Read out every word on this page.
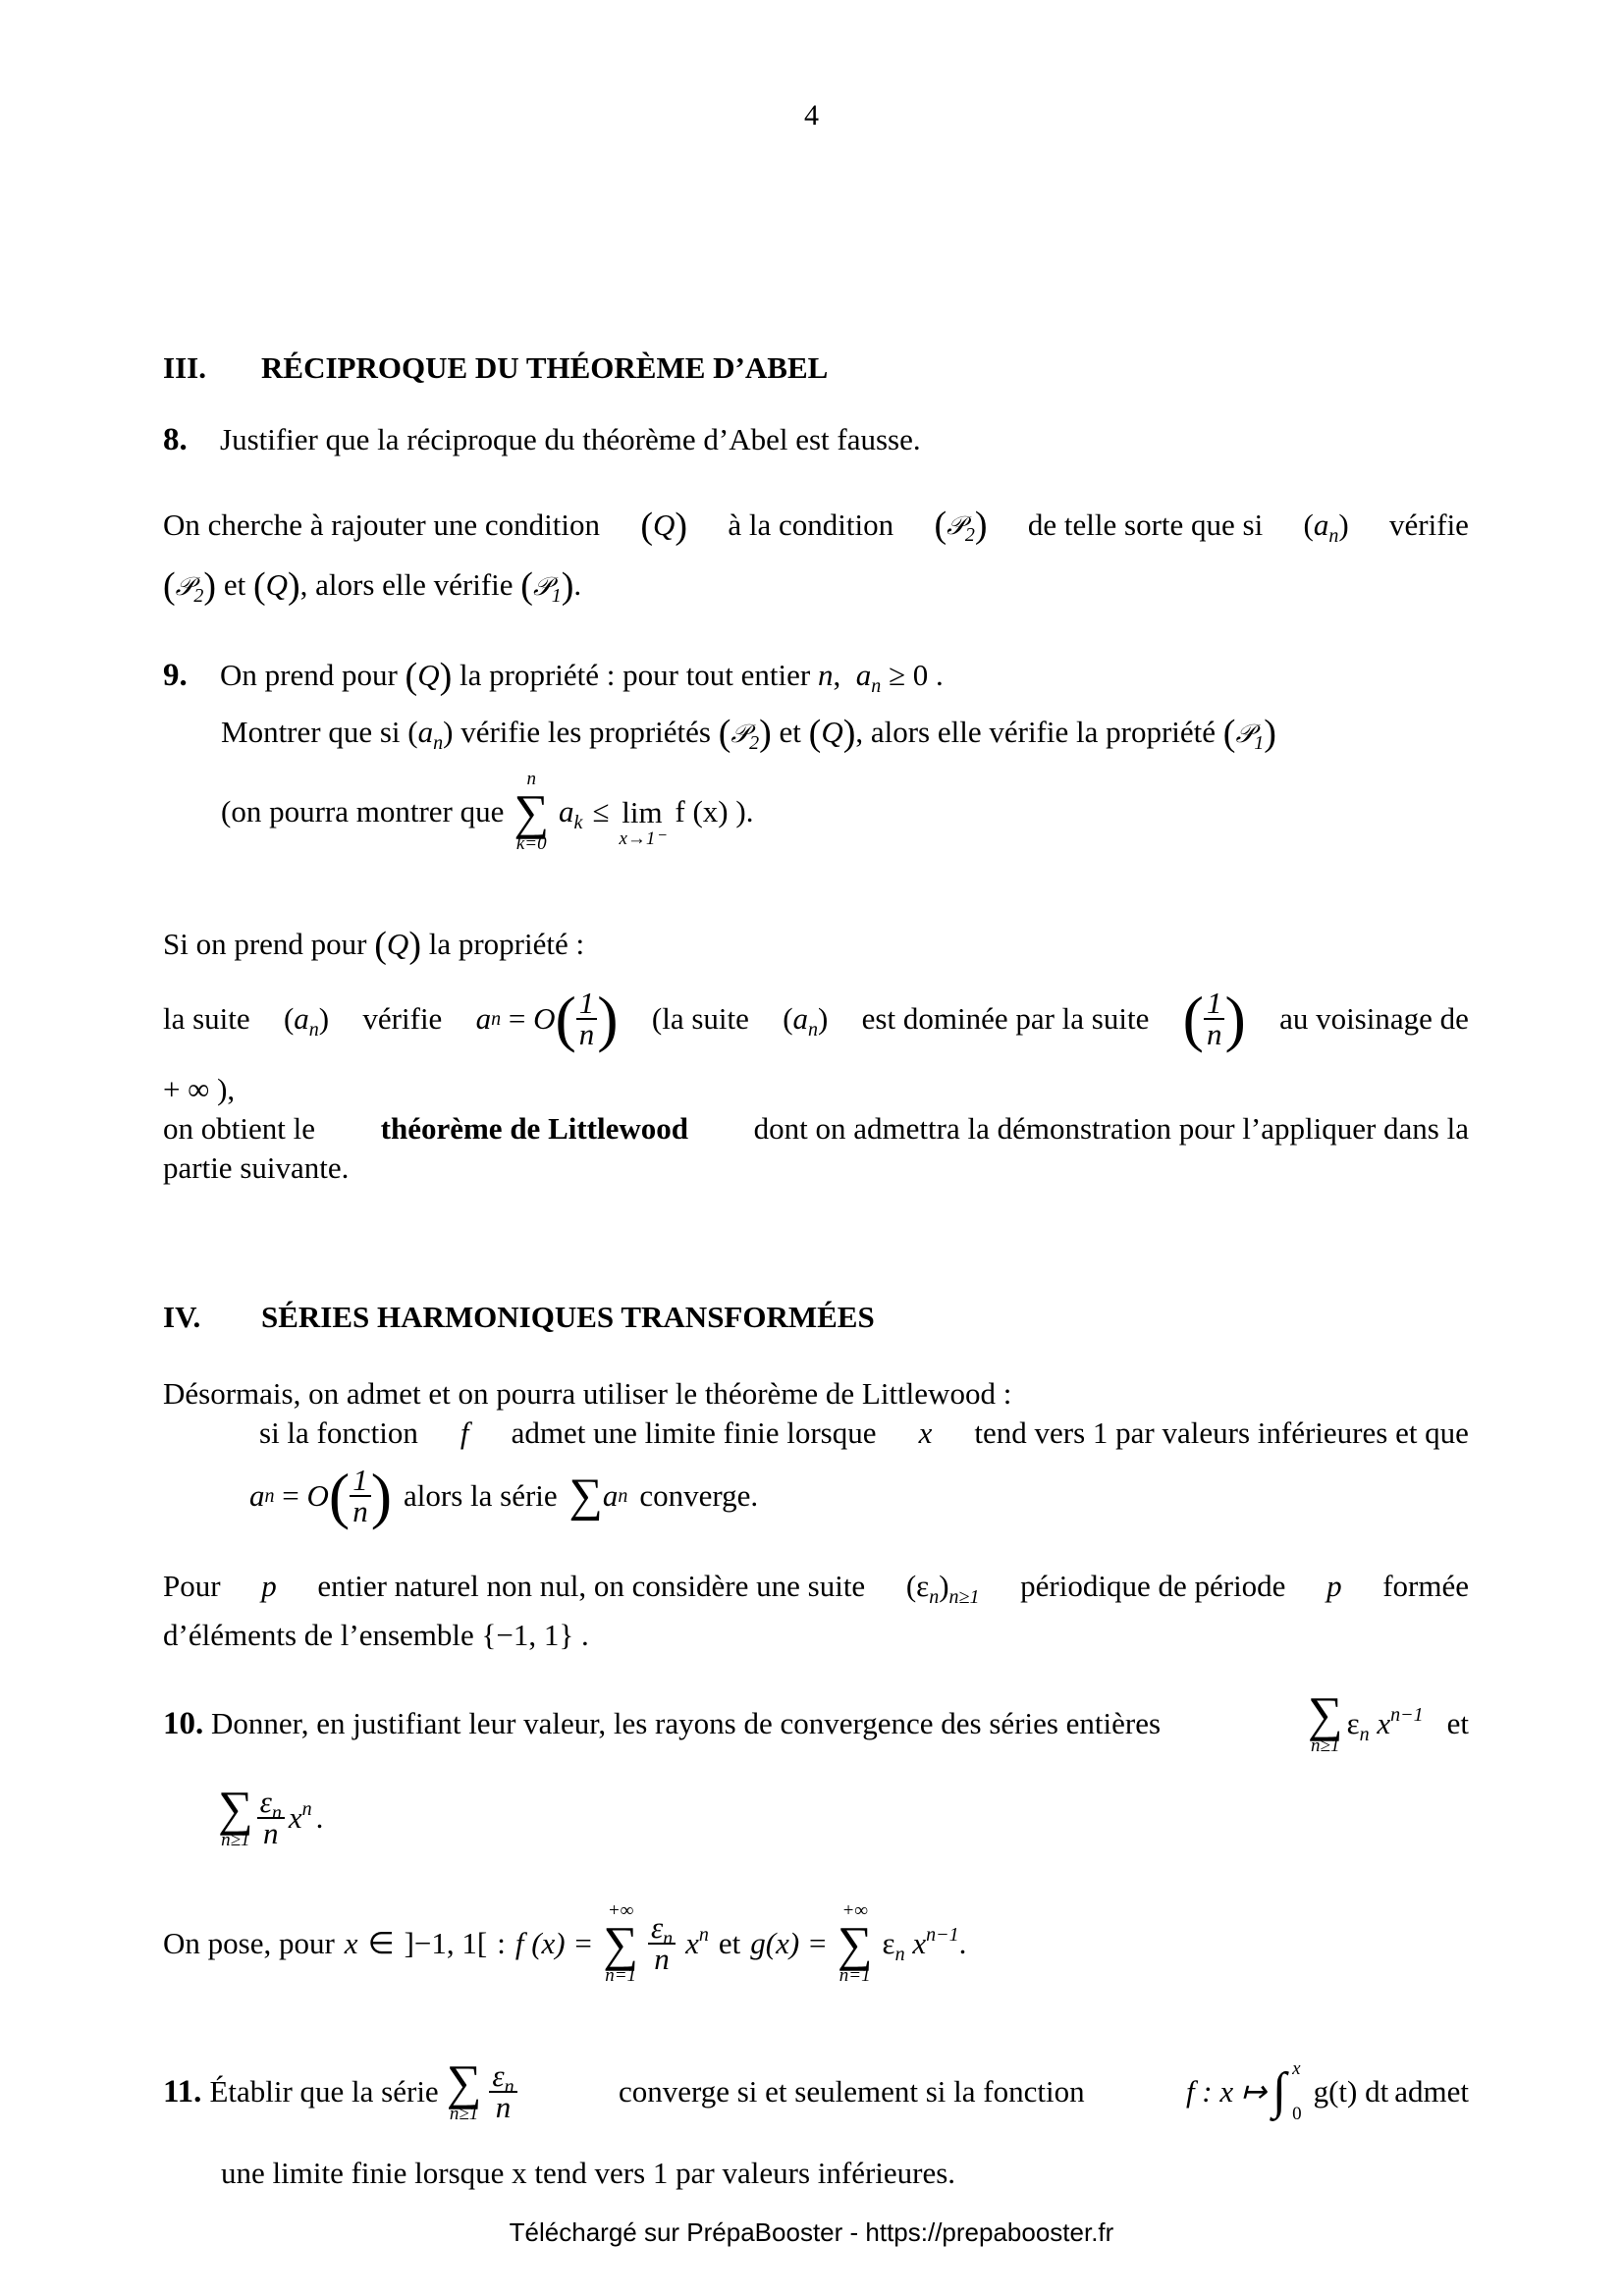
4
III. RÉCIPROQUE DU THÉORÈME D’ABEL
8. Justifier que la réciproque du théorème d’Abel est fausse.
On cherche à rajouter une condition (Q) à la condition (𝒫$_2$) de telle sorte que si $(a_n)$ vérifie
(𝒫$_2$) et (Q), alors elle vérifie (𝒫$_1$).
9. On prend pour (Q) la propriété : pour tout entier n,  $a_n \ge 0$ .
Montrer que si $(a_n)$ vérifie les propriétés (𝒫$_2$) et (Q), alors elle vérifie la propriété (𝒫$_1$)
(on pourra montrer que
n
∑
k=0
$a_k \le \lim$
x→1⁻
f (x) ).
Si on prend pour (Q) la propriété :
la suite $(a_n)$ vérifie a n
=
O ( $\frac{1}{n}$ ) (la suite $(a_n)$ est dominée par la suite ( $\frac{1}{n}$ ) au voisinage de
+ ∞ ),
on obtient le théorème de Littlewood dont on admettra la démonstration pour l’appliquer dans la
partie suivante.
IV. SÉRIES HARMONIQUES TRANSFORMÉES
Désormais, on admet et on pourra utiliser le théorème de Littlewood :
si la fonction f admet une limite finie lorsque x tend vers 1 par valeurs inférieures et que
a n
=
O ( $\frac{1}{n}$ ) alors la série ∑ a n converge.
Pour p entier naturel non nul, on considère une suite $(\varepsilon_n)_{n\ge 1}$ périodique de période p formée
d’éléments de l’ensemble {−1, 1} .
10. Donner, en justifiant leur valeur, les rayons de convergence des séries entières	∑
n≥1
$\varepsilon_n$ $x^{n-1}$ et
∑
$n\ge 1 \frac{\varepsilon_n}{n} x^n$ .
On pose, pour x ∈ ]−1, 1[ : f (x) =
+∞
∑
n=1
$\frac{\varepsilon_n}{n} x^n$ et g(x) =
+∞
∑
n=1
$\varepsilon_n$ $x^{n-1}$.
11. Établir que la série ∑
$n\ge 1 \frac{\varepsilon_n}{n}$	converge si et seulement si la fonction	f : x ↦ ∫ x
0
g(t) dt admet
une limite finie lorsque x tend vers 1 par valeurs inférieures.
Téléchargé sur PrépaBooster - https://prepabooster.fr
